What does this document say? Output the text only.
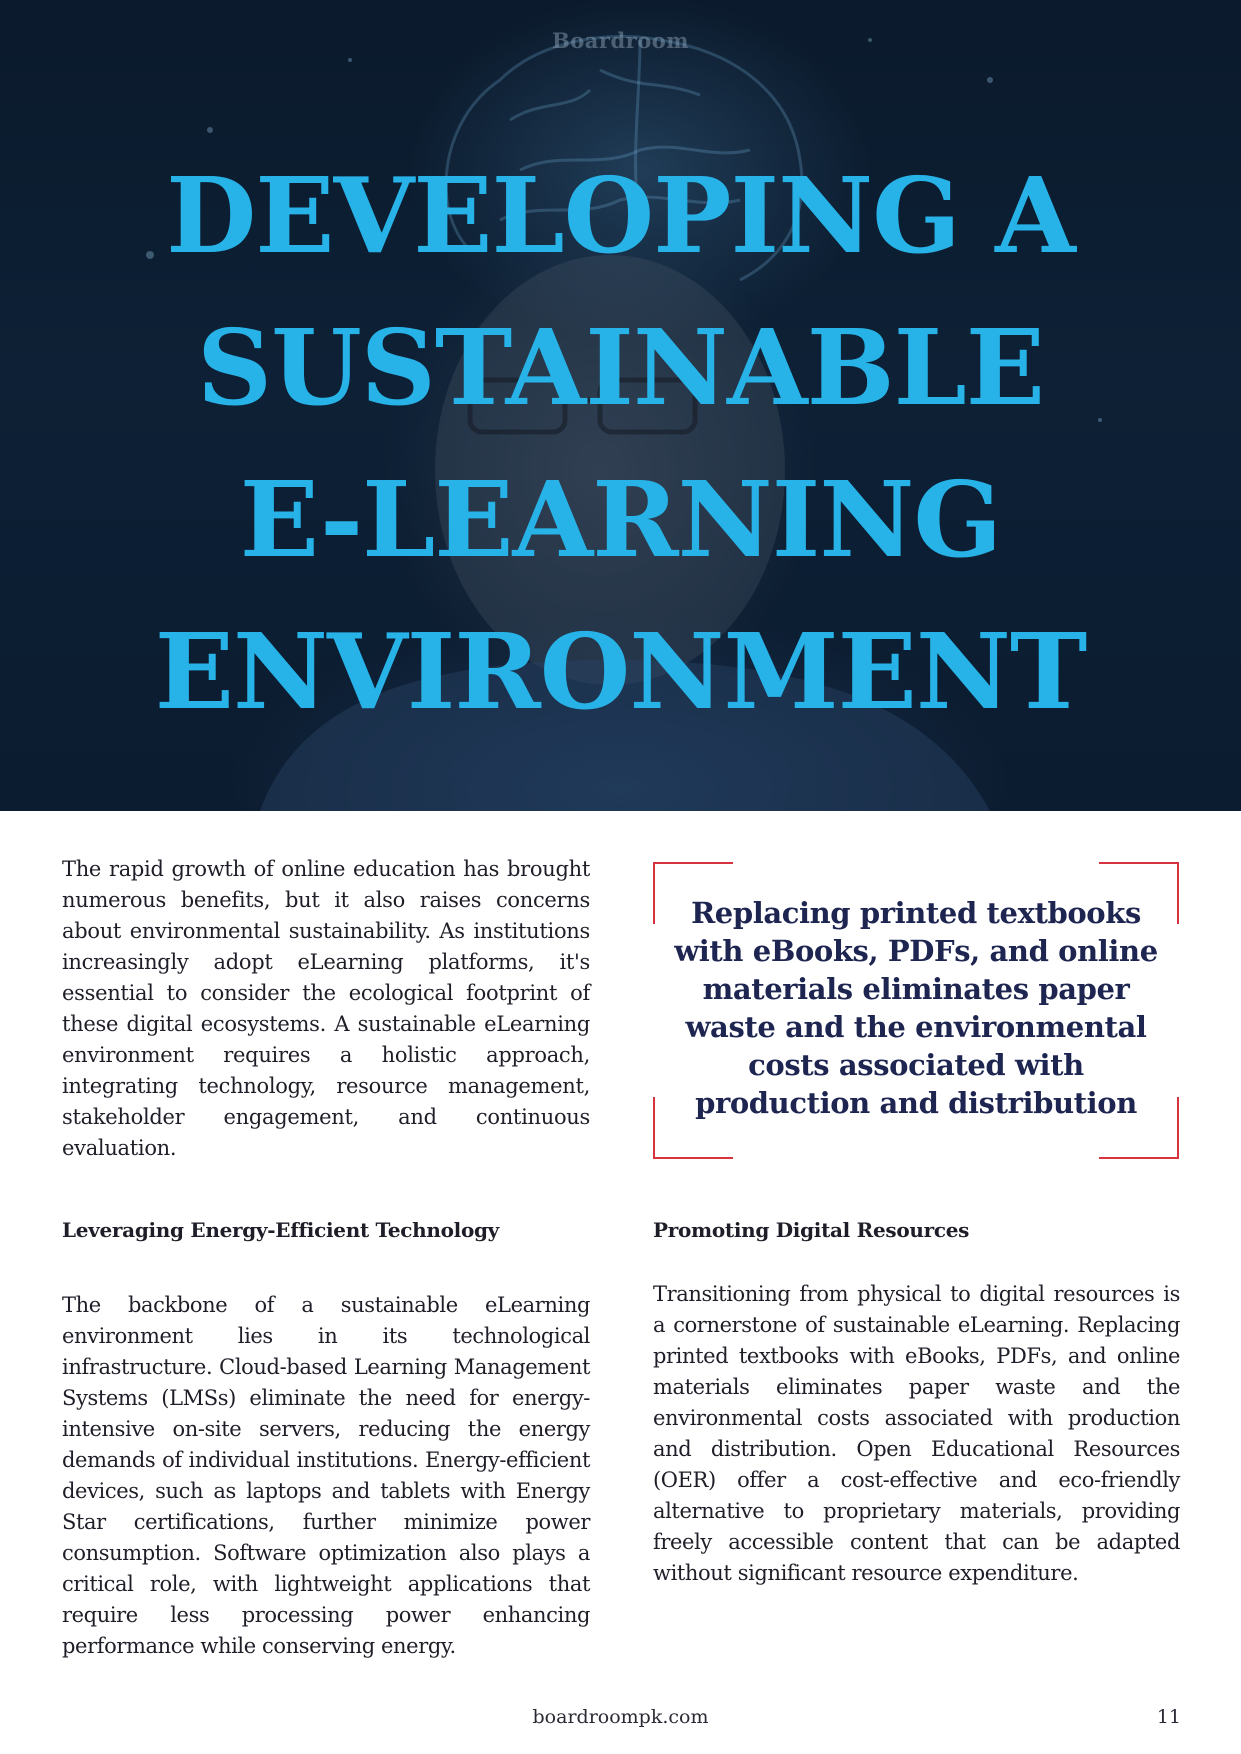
Boardroom
DEVELOPING A
SUSTAINABLE
E-LEARNING
ENVIRONMENT

The rapid growth of online education has brought numerous benefits, but it also raises concerns about environmental sustainability. As institutions increasingly adopt eLearning platforms, it's essential to consider the ecological footprint of these digital ecosystems. A sustainable eLearning environment requires a holistic approach, integrating technology, resource management, stakeholder engagement, and continuous evaluation.

Replacing printed textbooks with eBooks, PDFs, and online materials eliminates paper waste and the environmental costs associated with production and distribution

Leveraging Energy-Efficient Technology

The backbone of a sustainable eLearning environment lies in its technological infrastructure. Cloud-based Learning Management Systems (LMSs) eliminate the need for energy-intensive on-site servers, reducing the energy demands of individual institutions. Energy-efficient devices, such as laptops and tablets with Energy Star certifications, further minimize power consumption. Software optimization also plays a critical role, with lightweight applications that require less processing power enhancing performance while conserving energy.

Promoting Digital Resources

Transitioning from physical to digital resources is a cornerstone of sustainable eLearning. Replacing printed textbooks with eBooks, PDFs, and online materials eliminates paper waste and the environmental costs associated with production and distribution. Open Educational Resources (OER) offer a cost-effective and eco-friendly alternative to proprietary materials, providing freely accessible content that can be adapted without significant resource expenditure.

boardroompk.com	11
